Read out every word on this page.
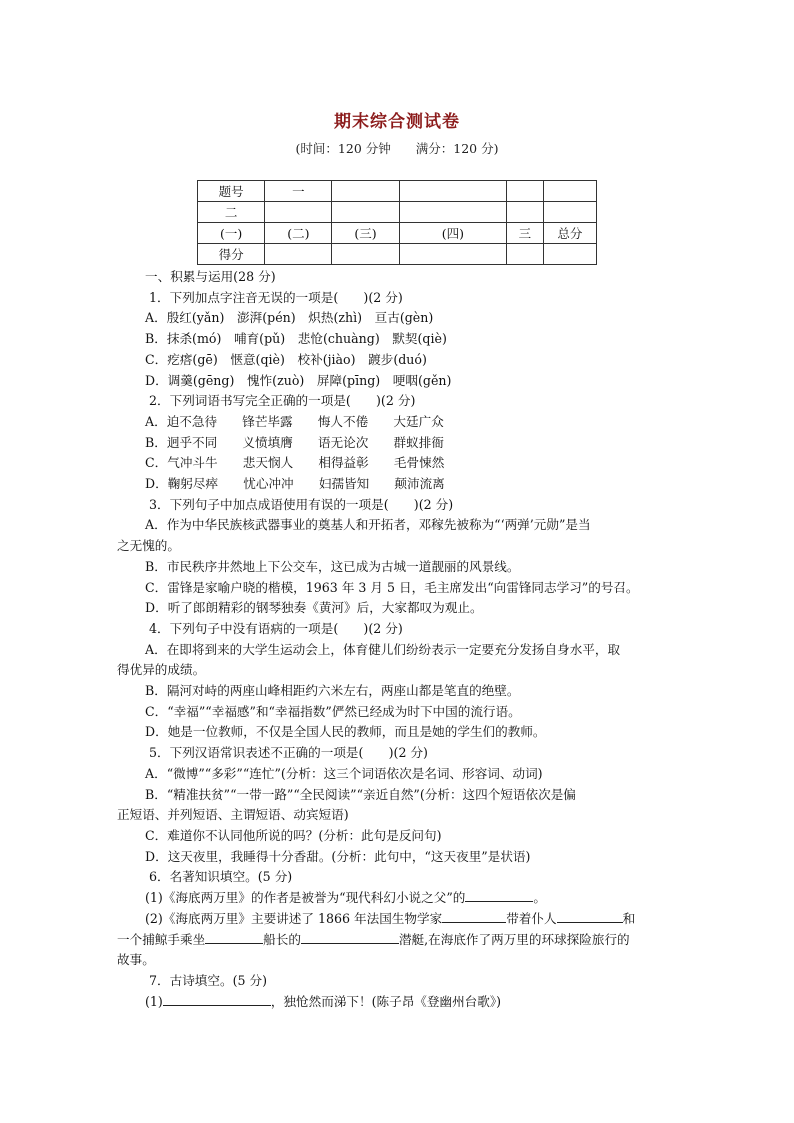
期末综合测试卷
(时间：120 分钟　　满分：120 分)
题号	一				
二					
(一)	(二)	(三)	(四)	三	总分
得分					
一、积累与运用(28 分)
1．下列加点字注音无误的一项是(　　)(2 分)
A．殷红(yǎn)　澎湃(pén)　炽热(zhì)　亘古(gèn)
B．抹杀(mó)　哺育(pǔ)　悲怆(chuàng)　默契(qiè)
C．疙瘩(gē)　惬意(qiè)　校补(jiào)　踱步(duó)
D．调羹(gēng)　愧怍(zuò)　屏障(pīng)　哽咽(gěn)
2．下列词语书写完全正确的一项是(　　)(2 分)
A．迫不急待　　锋芒毕露　　悔人不倦　　大廷广众
B．迥乎不同　　义愤填膺　　语无论次　　群蚁排衙
C．气冲斗牛　　悲天悯人　　相得益彰　　毛骨悚然
D．鞠躬尽瘁　　忧心冲冲　　妇孺皆知　　颠沛流离
3．下列句子中加点成语使用有误的一项是(　　)(2 分)
A．作为中华民族核武器事业的奠基人和开拓者，邓稼先被称为“‘两弹’元勋”是当
之无愧的。
B．市民秩序井然地上下公交车，这已成为古城一道靓丽的风景线。
C．雷锋是家喻户晓的楷模，1963 年 3 月 5 日，毛主席发出“向雷锋同志学习”的号召。
D．听了郎朗精彩的钢琴独奏《黄河》后，大家都叹为观止。
4．下列句子中没有语病的一项是(　　)(2 分)
A．在即将到来的大学生运动会上，体育健儿们纷纷表示一定要充分发扬自身水平，取
得优异的成绩。
B．隔河对峙的两座山峰相距约六米左右，两座山都是笔直的绝壁。
C．“幸福”“幸福感”和“幸福指数”俨然已经成为时下中国的流行语。
D．她是一位教师，不仅是全国人民的教师，而且是她的学生们的教师。
5．下列汉语常识表述不正确的一项是(　　)(2 分)
A．“微博”“多彩”“连忙”(分析：这三个词语依次是名词、形容词、动词)
B．“精准扶贫”“一带一路”“全民阅读”“亲近自然”(分析：这四个短语依次是偏
正短语、并列短语、主谓短语、动宾短语)
C．难道你不认同他所说的吗？(分析：此句是反问句)
D．这天夜里，我睡得十分香甜。(分析：此句中，“这天夜里”是状语)
6．名著知识填空。(5 分)
(1)《海底两万里》的作者是被誉为“现代科幻小说之父”的	。
(2)《海底两万里》主要讲述了 1866 年法国生物学家	带着仆人	和
一个捕鲸手乘坐	船长的	潜艇,在海底作了两万里的环球探险旅行的
故事。
7．古诗填空。(5 分)
(1)	，独怆然而涕下！(陈子昂《登幽州台歌》)
